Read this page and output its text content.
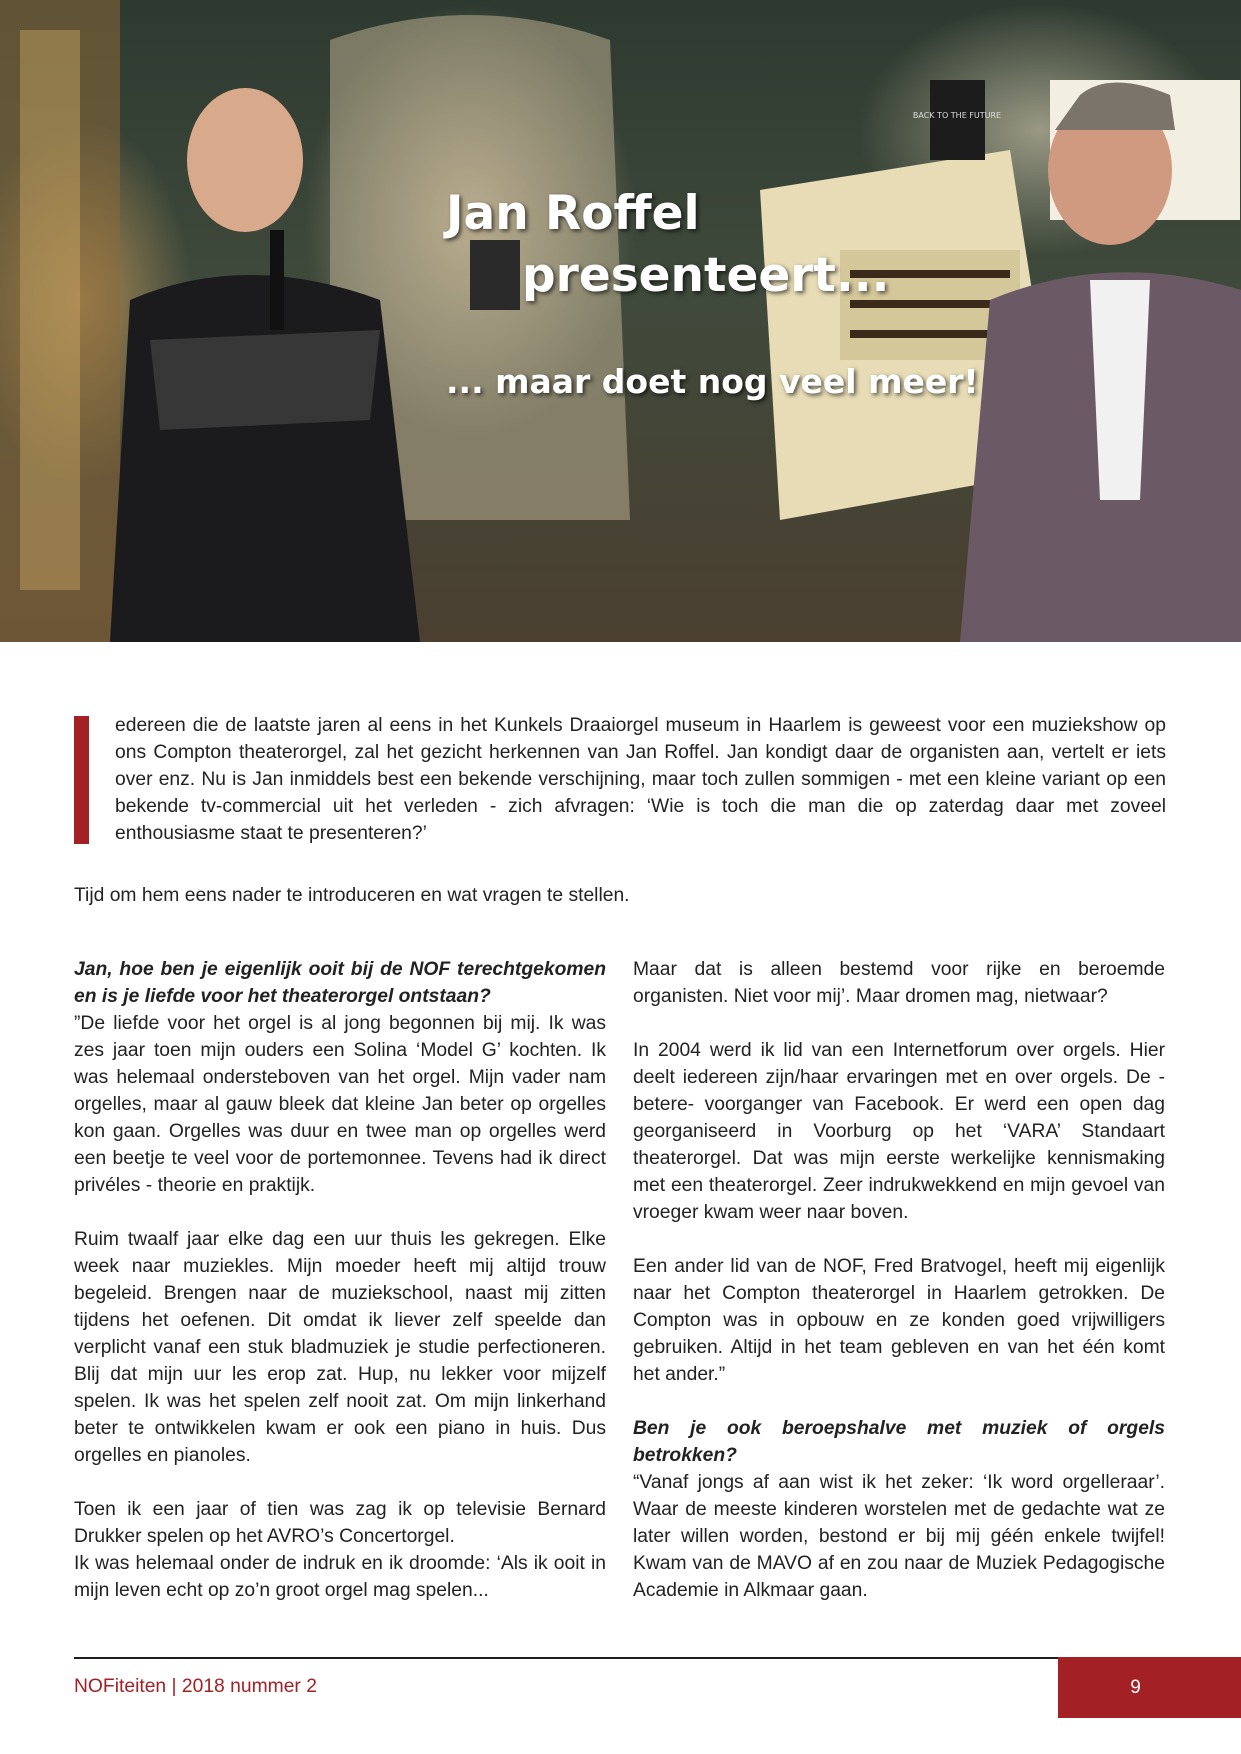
BACK TO THE FUTURE
Jan Roffel
presenteert...
... maar doet nog veel meer!

edereen die de laatste jaren al eens in het Kunkels Draaiorgel museum in Haarlem is geweest voor een muziekshow op ons Compton theaterorgel, zal het gezicht herkennen van Jan Roffel. Jan kondigt daar de organisten aan, vertelt er iets over enz. Nu is Jan inmiddels best een bekende verschijning, maar toch zullen sommigen - met een kleine variant op een bekende tv-commercial uit het verleden - zich afvragen: ‘Wie is toch die man die op zaterdag daar met zoveel enthousiasme staat te presenteren?’

Tijd om hem eens nader te introduceren en wat vragen te stellen.

Jan, hoe ben je eigenlijk ooit bij de NOF terechtgekomen en is je liefde voor het theaterorgel ontstaan?

”De liefde voor het orgel is al jong begonnen bij mij. Ik was zes jaar toen mijn ouders een Solina ‘Model G’ kochten. Ik was helemaal ondersteboven van het orgel. Mijn vader nam orgelles, maar al gauw bleek dat kleine Jan beter op orgelles kon gaan. Orgelles was duur en twee man op orgelles werd een beetje te veel voor de portemonnee. Tevens had ik direct privéles - theorie en praktijk.

Ruim twaalf jaar elke dag een uur thuis les gekregen. Elke week naar muziekles. Mijn moeder heeft mij altijd trouw begeleid. Brengen naar de muziekschool, naast mij zitten tijdens het oefenen. Dit omdat ik liever zelf speelde dan verplicht vanaf een stuk bladmuziek je studie perfectioneren. Blij dat mijn uur les erop zat. Hup, nu lekker voor mijzelf spelen. Ik was het spelen zelf nooit zat. Om mijn linkerhand beter te ontwikkelen kwam er ook een piano in huis. Dus orgelles en pianoles.

Toen ik een jaar of tien was zag ik op televisie Bernard Drukker spelen op het AVRO’s Concertorgel.

Ik was helemaal onder de indruk en ik droomde: ‘Als ik ooit in mijn leven echt op zo’n groot orgel mag spelen...

Maar dat is alleen bestemd voor rijke en beroemde organisten. Niet voor mij’. Maar dromen mag, nietwaar?

In 2004 werd ik lid van een Internetforum over orgels. Hier deelt iedereen zijn/haar ervaringen met en over orgels. De -betere- voorganger van Facebook. Er werd een open dag georganiseerd in Voorburg op het ‘VARA’ Standaart theaterorgel. Dat was mijn eerste werkelijke kennismaking met een theaterorgel. Zeer indrukwekkend en mijn gevoel van vroeger kwam weer naar boven.

Een ander lid van de NOF, Fred Bratvogel, heeft mij eigenlijk naar het Compton theaterorgel in Haarlem getrokken. De Compton was in opbouw en ze konden goed vrijwilligers gebruiken. Altijd in het team gebleven en van het één komt het ander.”

Ben je ook beroepshalve met muziek of orgels betrokken?

“Vanaf jongs af aan wist ik het zeker: ‘Ik word orgelleraar’. Waar de meeste kinderen worstelen met de gedachte wat ze later willen worden, bestond er bij mij géén enkele twijfel! Kwam van de MAVO af en zou naar de Muziek Pedagogische Academie in Alkmaar gaan.

NOFiteiten | 2018 nummer 2	9
